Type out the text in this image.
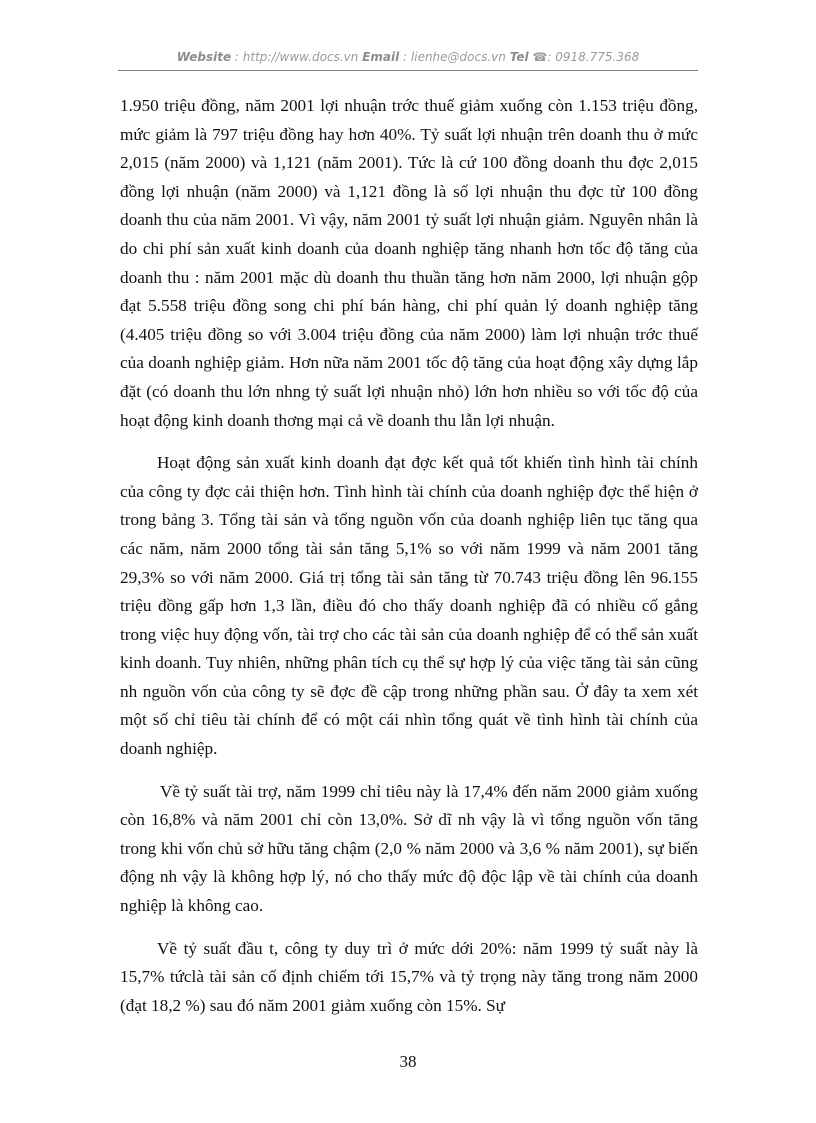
Website : http://www.docs.vn Email : lienhe@docs.vn Tel ☎: 0918.775.368

1.950 triệu đồng, năm 2001 lợi nhuận trớc thuế giảm xuống còn 1.153 triệu đồng, mức giảm là 797 triệu đồng hay hơn 40%. Tỷ suất lợi nhuận trên doanh thu ở mức 2,015 (năm 2000) và 1,121 (năm 2001). Tức là cứ 100 đồng doanh thu đợc 2,015 đồng lợi nhuận (năm 2000) và 1,121 đồng là số lợi nhuận thu đợc từ 100 đồng doanh thu của năm 2001. Vì vậy, năm 2001 tỷ suất lợi nhuận giảm. Nguyên nhân là do chi phí sản xuất kinh doanh của doanh nghiệp tăng nhanh hơn tốc độ tăng của doanh thu : năm 2001 mặc dù doanh thu thuần tăng hơn năm 2000, lợi nhuận gộp đạt 5.558 triệu đồng song chi phí bán hàng, chi phí quản lý doanh nghiệp tăng (4.405 triệu đồng so với 3.004 triệu đồng của năm 2000) làm lợi nhuận trớc thuế của doanh nghiệp giảm. Hơn nữa năm 2001 tốc độ tăng của hoạt động xây dựng lắp đặt (có doanh thu lớn nhng tỷ suất lợi nhuận nhỏ) lớn hơn nhiều so với tốc độ của hoạt động kinh doanh thơng mại cả về doanh thu lẫn lợi nhuận.

Hoạt động sản xuất kinh doanh đạt đợc kết quả tốt khiến tình hình tài chính của công ty đợc cải thiện hơn. Tình hình tài chính của doanh nghiệp đợc thể hiện ở trong bảng 3. Tổng tài sản và tổng nguồn vốn của doanh nghiệp liên tục tăng qua các năm, năm 2000 tổng tài sản tăng 5,1% so với năm 1999 và năm 2001 tăng 29,3% so với năm 2000. Giá trị tổng tài sản tăng từ 70.743 triệu đồng lên 96.155 triệu đồng gấp hơn 1,3 lần, điều đó cho thấy doanh nghiệp đã có nhiều cố gắng trong việc huy động vốn, tài trợ cho các tài sản của doanh nghiệp để có thể sản xuất kinh doanh. Tuy nhiên, những phân tích cụ thể sự hợp lý của việc tăng tài sản cũng nh nguồn vốn của công ty sẽ đợc đề cập trong những phần sau. Ở đây ta xem xét một số chỉ tiêu tài chính để có một cái nhìn tổng quát về tình hình tài chính của doanh nghiệp.

Về tỷ suất tài trợ, năm 1999 chỉ tiêu này là 17,4% đến năm 2000 giảm xuống còn 16,8% và năm 2001 chỉ còn 13,0%. Sở dĩ nh vậy là vì tổng nguồn vốn tăng trong khi vốn chủ sở hữu tăng chậm (2,0 % năm 2000 và 3,6 % năm 2001), sự biến động nh vậy là không hợp lý, nó cho thấy mức độ độc lập về tài chính của doanh nghiệp là không cao.

Về tỷ suất đầu t, công ty duy trì ở mức dới 20%: năm 1999 tỷ suất này là 15,7% tứclà tài sản cố định chiếm tới 15,7% và tỷ trọng này tăng trong năm 2000 (đạt 18,2 %) sau đó năm 2001 giảm xuống còn 15%. Sự

38
